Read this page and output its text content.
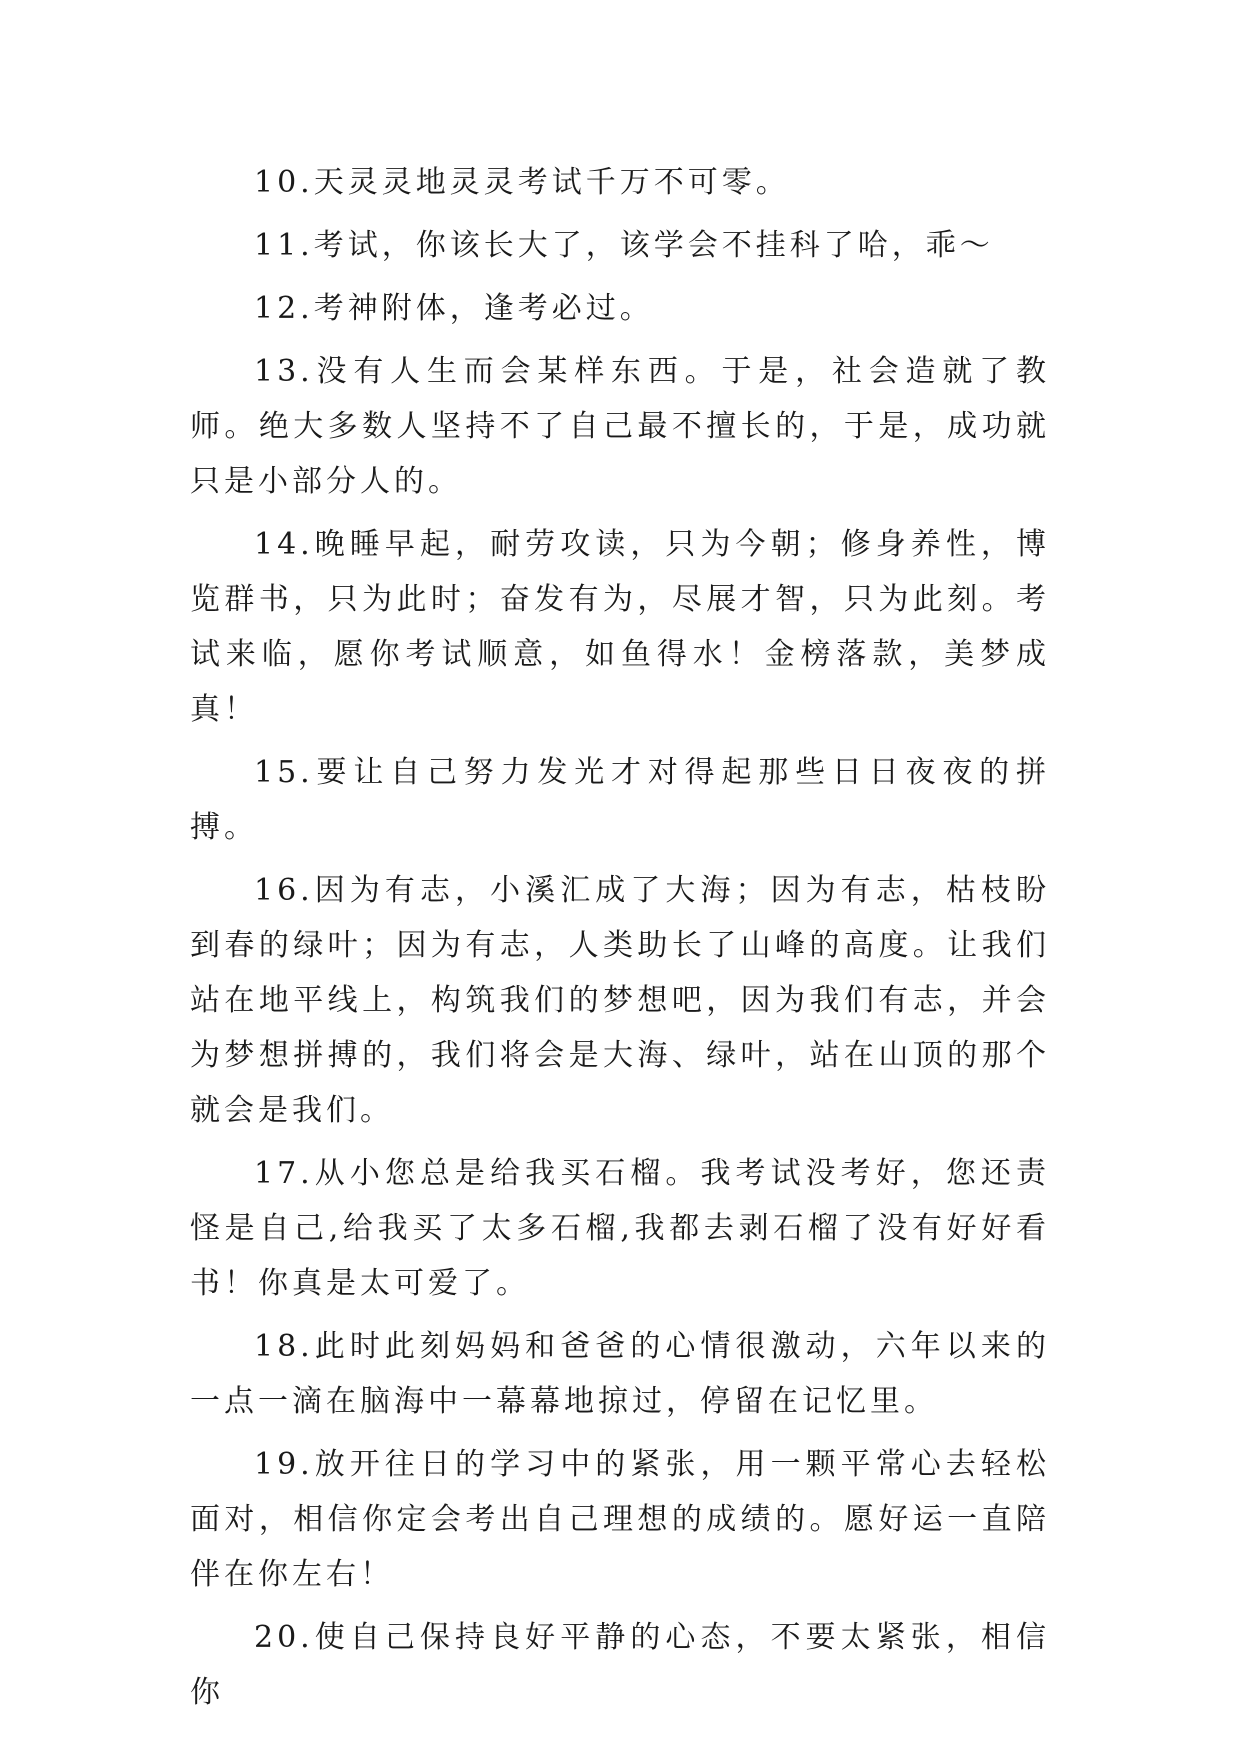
10.天灵灵地灵灵考试千万不可零。

11.考试，你该长大了，该学会不挂科了哈，乖～

12.考神附体，逢考必过。

13.没有人生而会某样东西。于是，社会造就了教师。绝大多数人坚持不了自己最不擅长的，于是，成功就只是小部分人的。

14.晚睡早起，耐劳攻读，只为今朝；修身养性，博览群书，只为此时；奋发有为，尽展才智，只为此刻。考试来临，愿你考试顺意，如鱼得水！金榜落款，美梦成真！

15.要让自己努力发光才对得起那些日日夜夜的拼搏。

16.因为有志，小溪汇成了大海；因为有志，枯枝盼到春的绿叶；因为有志，人类助长了山峰的高度。让我们站在地平线上，构筑我们的梦想吧，因为我们有志，并会为梦想拼搏的，我们将会是大海、绿叶，站在山顶的那个就会是我们。

17.从小您总是给我买石榴。我考试没考好，您还责怪是自己,给我买了太多石榴,我都去剥石榴了没有好好看书！你真是太可爱了。

18.此时此刻妈妈和爸爸的心情很激动，六年以来的一点一滴在脑海中一幕幕地掠过，停留在记忆里。

19.放开往日的学习中的紧张，用一颗平常心去轻松面对，相信你定会考出自己理想的成绩的。愿好运一直陪伴在你左右！

20.使自己保持良好平静的心态，不要太紧张，相信你
